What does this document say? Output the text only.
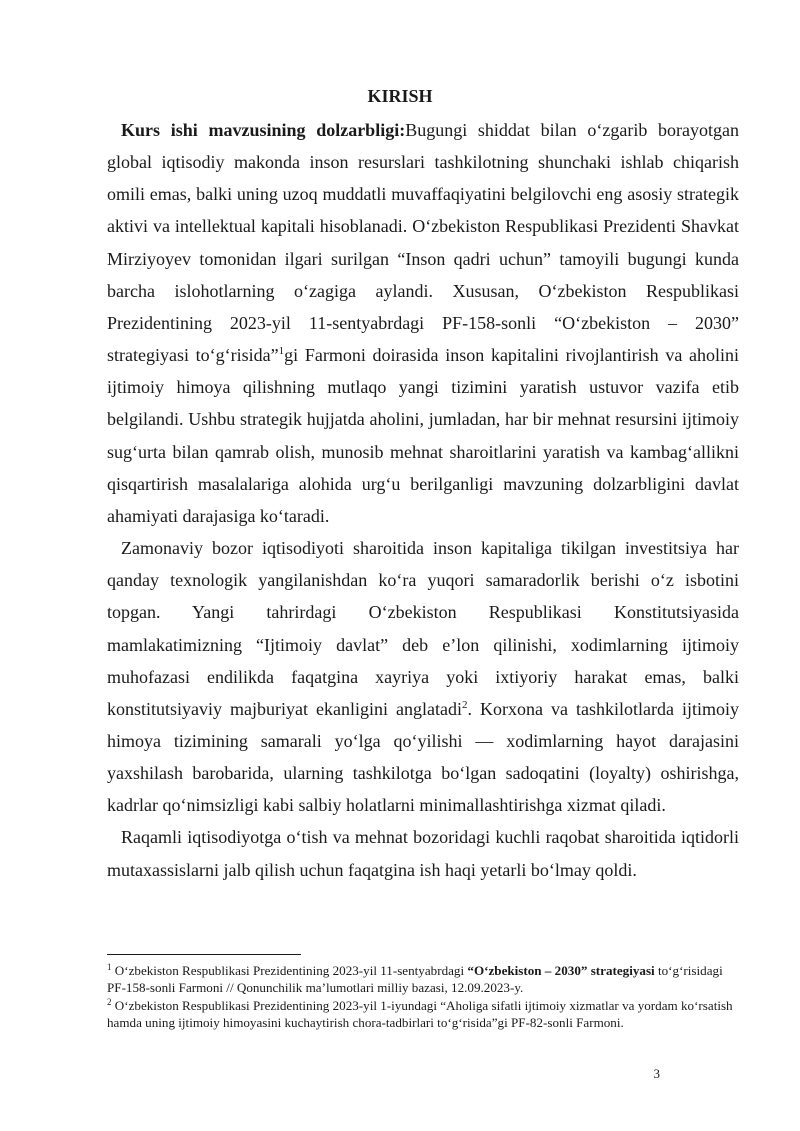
KIRISH

Kurs ishi mavzusining dolzarbligi:Bugungi shiddat bilan o‘zgarib borayotgan global iqtisodiy makonda inson resurslari tashkilotning shunchaki ishlab chiqarish omili emas, balki uning uzoq muddatli muvaffaqiyatini belgilovchi eng asosiy strategik aktivi va intellektual kapitali hisoblanadi. O‘zbekiston Respublikasi Prezidenti Shavkat Mirziyoyev tomonidan ilgari surilgan “Inson qadri uchun” tamoyili bugungi kunda barcha islohotlarning o‘zagiga aylandi. Xususan, O‘zbekiston Respublikasi Prezidentining 2023-yil 11-sentyabrdagi PF-158-sonli “O‘zbekiston – 2030” strategiyasi to‘g‘risida”$^1$gi Farmoni doirasida inson kapitalini rivojlantirish va aholini ijtimoiy himoya qilishning mutlaqo yangi tizimini yaratish ustuvor vazifa etib belgilandi. Ushbu strategik hujjatda aholini, jumladan, har bir mehnat resursini ijtimoiy sug‘urta bilan qamrab olish, munosib mehnat sharoitlarini yaratish va kambag‘allikni qisqartirish masalalariga alohida urg‘u berilganligi mavzuning dolzarbligini davlat ahamiyati darajasiga ko‘taradi.

Zamonaviy bozor iqtisodiyoti sharoitida inson kapitaliga tikilgan investitsiya har qanday texnologik yangilanishdan ko‘ra yuqori samaradorlik berishi o‘z isbotini topgan. Yangi tahrirdagi O‘zbekiston Respublikasi Konstitutsiyasida mamlakatimizning “Ijtimoiy davlat” deb e’lon qilinishi, xodimlarning ijtimoiy muhofazasi endilikda faqatgina xayriya yoki ixtiyoriy harakat emas, balki konstitutsiyaviy majburiyat ekanligini anglatadi$^2$. Korxona va tashkilotlarda ijtimoiy himoya tizimining samarali yo‘lga qo‘yilishi — xodimlarning hayot darajasini yaxshilash barobarida, ularning tashkilotga bo‘lgan sadoqatini (loyalty) oshirishga, kadrlar qo‘nimsizligi kabi salbiy holatlarni minimallashtirishga xizmat qiladi.

Raqamli iqtisodiyotga o‘tish va mehnat bozoridagi kuchli raqobat sharoitida iqtidorli mutaxassislarni jalb qilish uchun faqatgina ish haqi yetarli bo‘lmay qoldi.

$^1$ O‘zbekiston Respublikasi Prezidentining 2023-yil 11-sentyabrdagi “O‘zbekiston – 2030” strategiyasi to‘g‘risidagi PF-158-sonli Farmoni // Qonunchilik ma’lumotlari milliy bazasi, 12.09.2023-y.

$^2$ O‘zbekiston Respublikasi Prezidentining 2023-yil 1-iyundagi “Aholiga sifatli ijtimoiy xizmatlar va yordam ko‘rsatish hamda uning ijtimoiy himoyasini kuchaytirish chora-tadbirlari to‘g‘risida”gi PF-82-sonli Farmoni.

3
